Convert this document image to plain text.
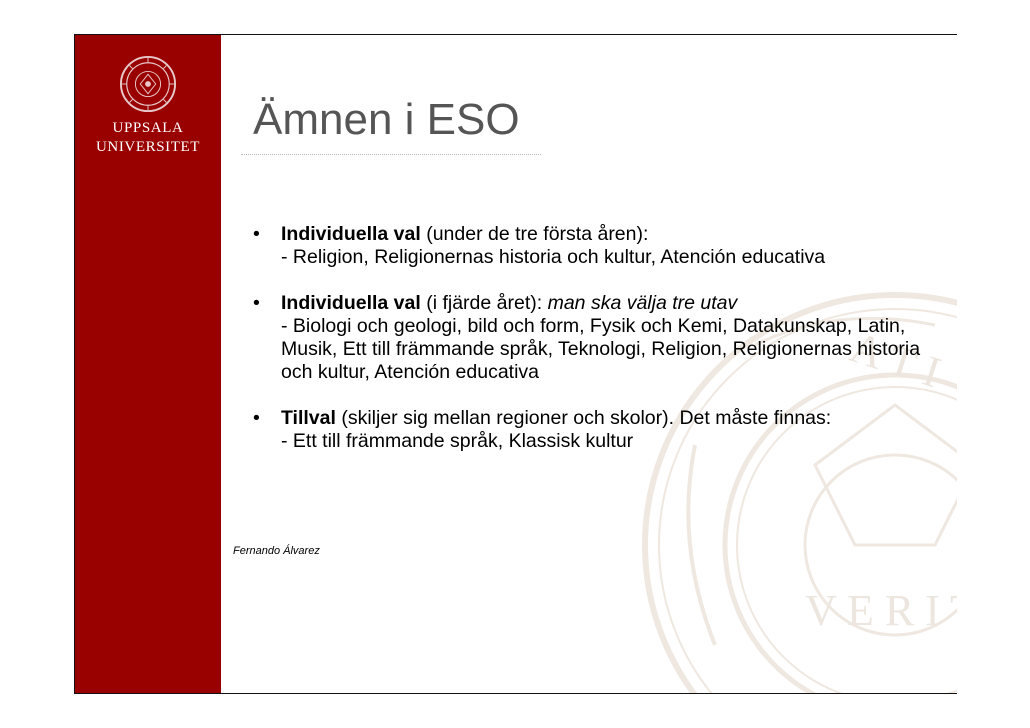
UPPSALA
UNIVERSITET
V E R I T
A T I
Ämnen i ESO
• Individuella val (under de tre första åren):
- Religion, Religionernas historia och kultur, Atención educativa
• Individuella val (i fjärde året): man ska välja tre utav
- Biologi och geologi, bild och form, Fysik och Kemi, Datakunskap, Latin, Musik, Ett till främmande språk, Teknologi, Religion, Religionernas historia och kultur, Atención educativa
• Tillval (skiljer sig mellan regioner och skolor). Det måste finnas:
- Ett till främmande språk, Klassisk kultur
Fernando Álvarez
